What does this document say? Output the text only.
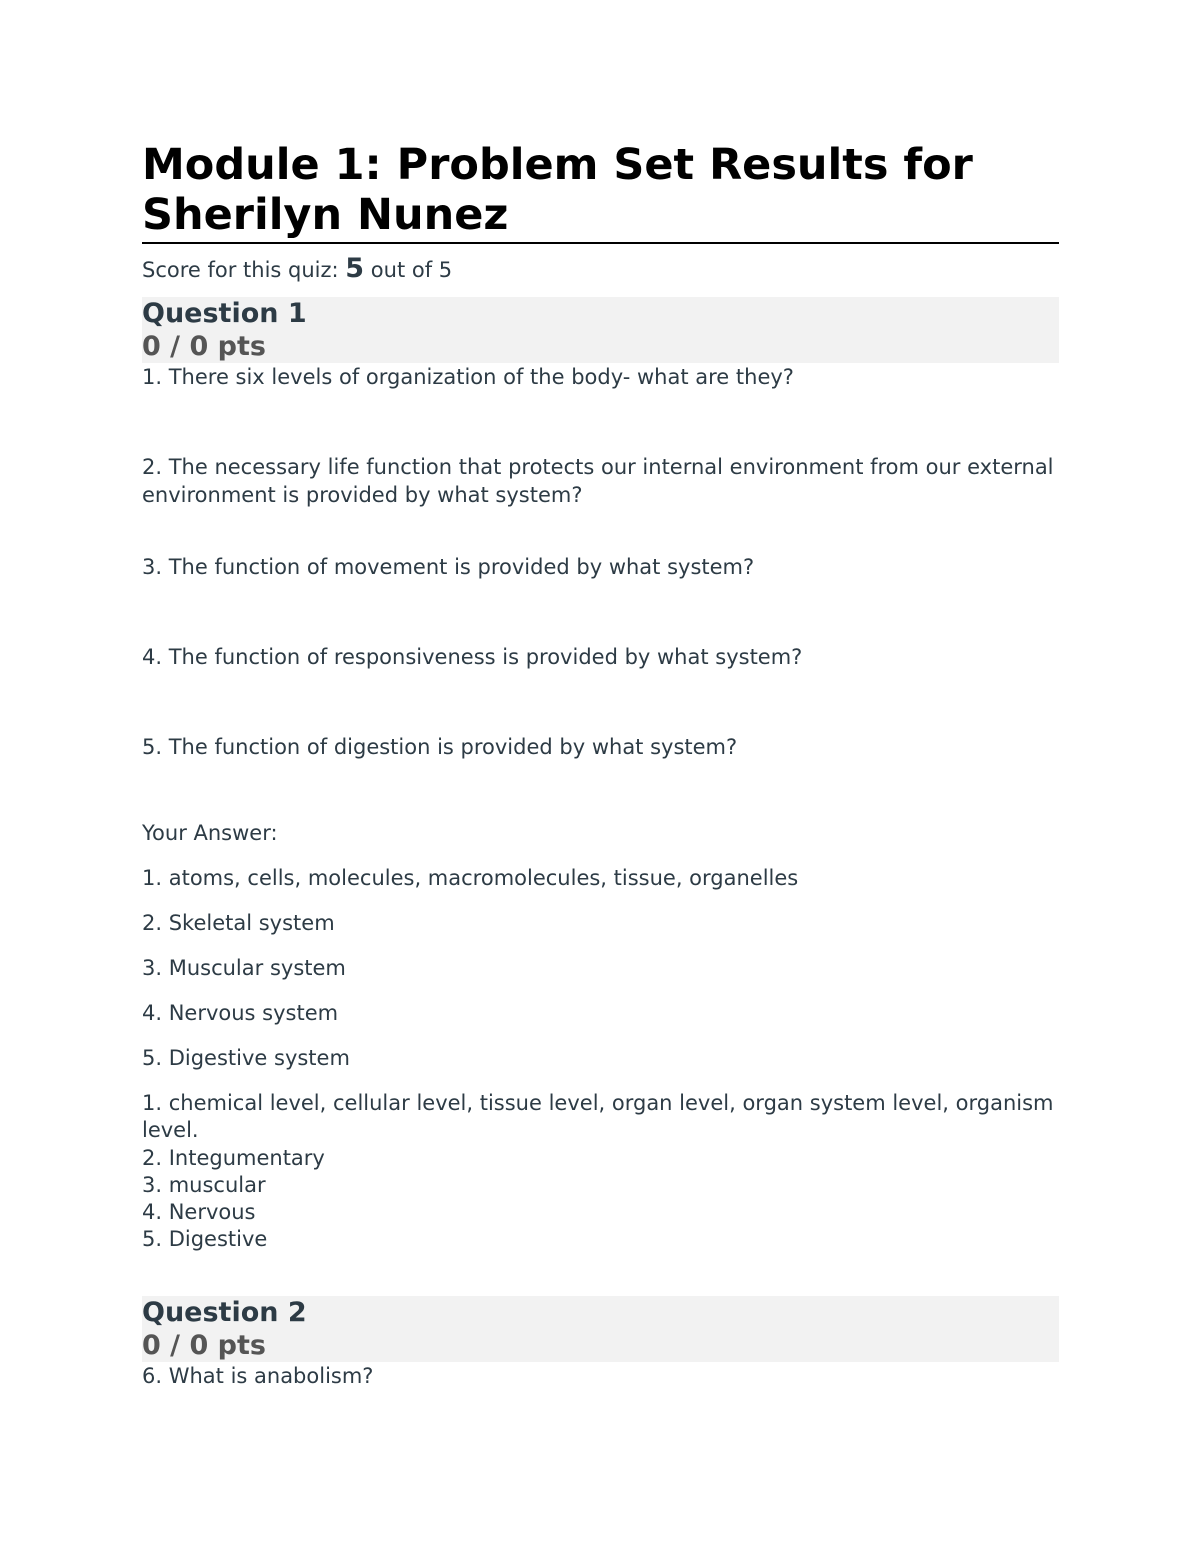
Module 1: Problem Set Results for Sherilyn Nunez
Score for this quiz: 5 out of 5
Question 1
0 / 0 pts

1. There six levels of organization of the body- what are they?

2. The necessary life function that protects our internal environment from our external environment is provided by what system?

3. The function of movement is provided by what system?

4. The function of responsiveness is provided by what system?

5. The function of digestion is provided by what system?

Your Answer:

1. atoms, cells, molecules, macromolecules, tissue, organelles

2. Skeletal system

3. Muscular system

4. Nervous system

5. Digestive system

1. chemical level, cellular level, tissue level, organ level, organ system level, organism level.

2. Integumentary

3. muscular

4. Nervous

5. Digestive

Question 2
0 / 0 pts

6. What is anabolism?
